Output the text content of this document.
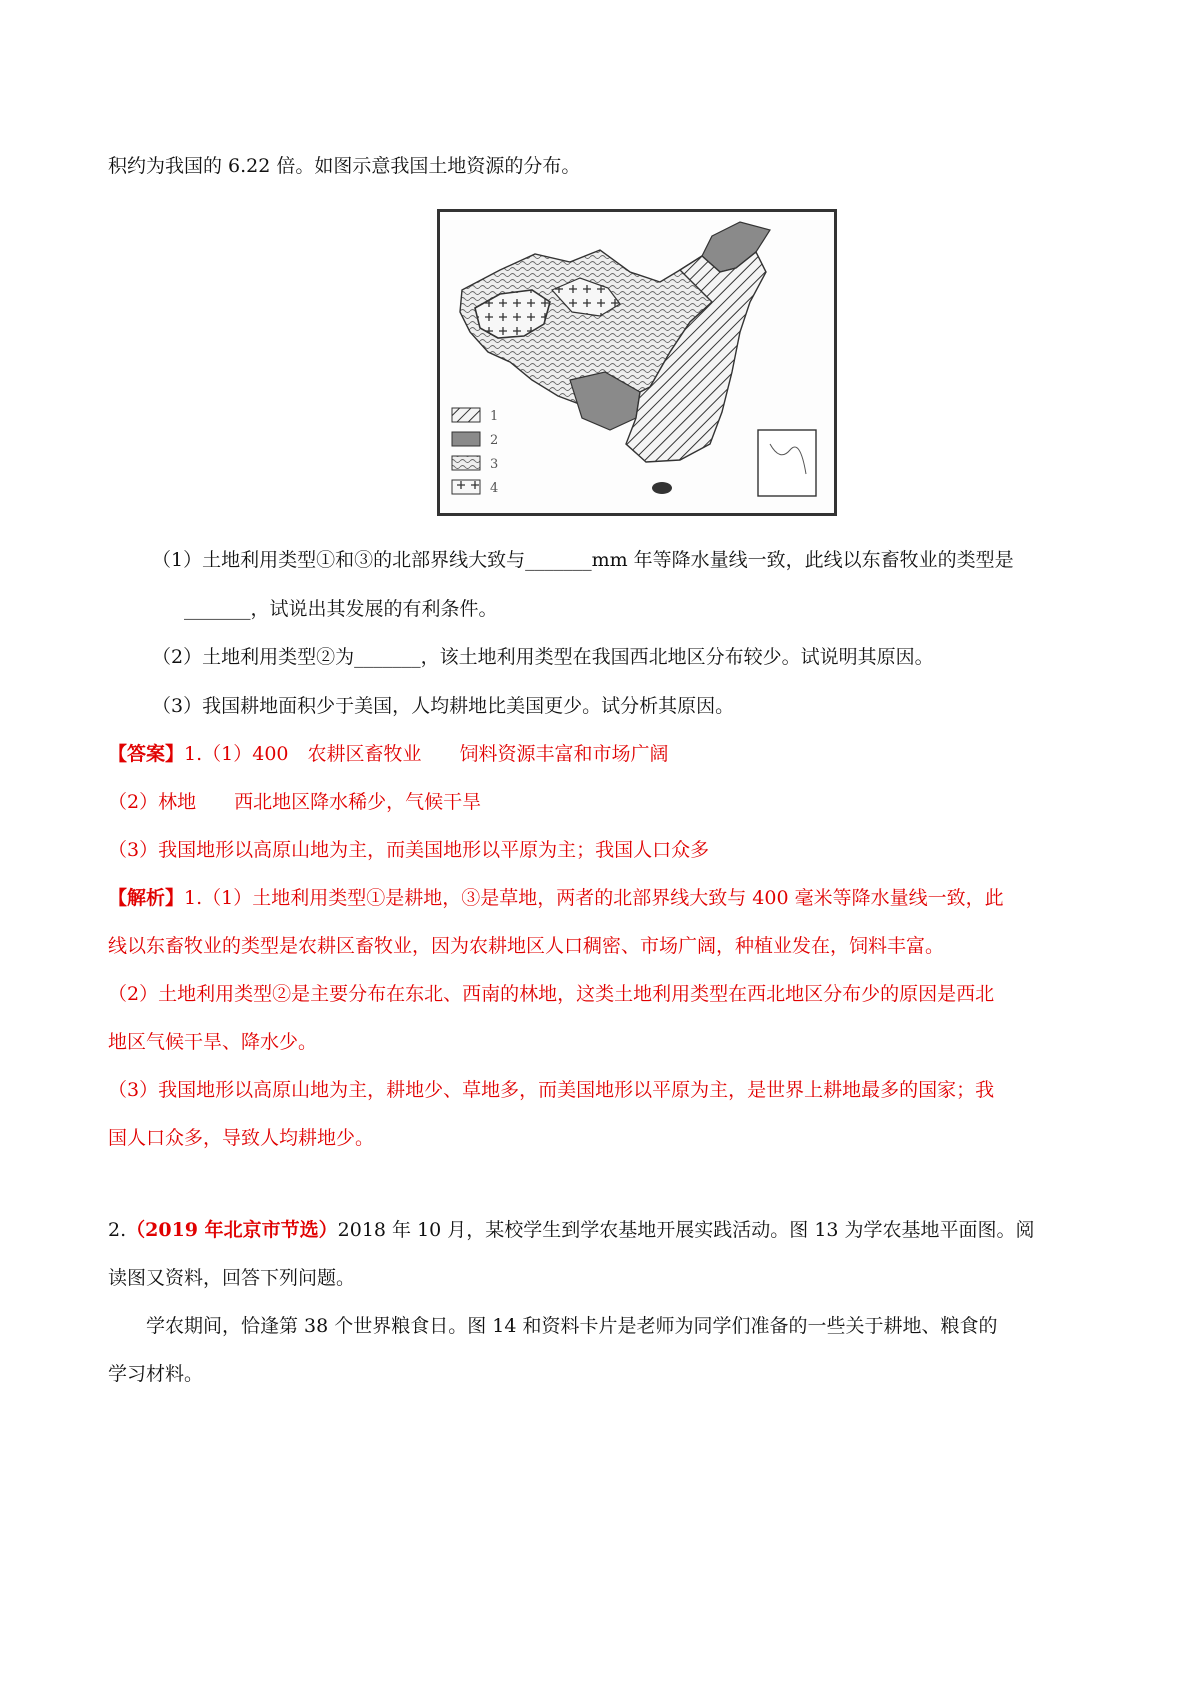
积约为我国的 6.22 倍。如图示意我国土地资源的分布。
1
2
3
4
（1）土地利用类型①和③的北部界线大致与_______mm 年等降水量线一致，此线以东畜牧业的类型是
_______，试说出其发展的有利条件。
（2）土地利用类型②为_______，该土地利用类型在我国西北地区分布较少。试说明其原因。
（3）我国耕地面积少于美国，人均耕地比美国更少。试分析其原因。
【答案】1.（1）400　农耕区畜牧业　　饲料资源丰富和市场广阔
（2）林地　　西北地区降水稀少，气候干旱
（3）我国地形以高原山地为主，而美国地形以平原为主；我国人口众多
【解析】1.（1）土地利用类型①是耕地，③是草地，两者的北部界线大致与 400 毫米等降水量线一致，此
线以东畜牧业的类型是农耕区畜牧业，因为农耕地区人口稠密、市场广阔，种植业发在，饲料丰富。
（2）土地利用类型②是主要分布在东北、西南的林地，这类土地利用类型在西北地区分布少的原因是西北
地区气候干旱、降水少。
（3）我国地形以高原山地为主，耕地少、草地多，而美国地形以平原为主，是世界上耕地最多的国家；我
国人口众多，导致人均耕地少。
2.（2019 年北京市节选）2018 年 10 月，某校学生到学农基地开展实践活动。图 13 为学农基地平面图。阅
读图又资料，回答下列问题。
学农期间，恰逢第 38 个世界粮食日。图 14 和资料卡片是老师为同学们准备的一些关于耕地、粮食的
学习材料。
